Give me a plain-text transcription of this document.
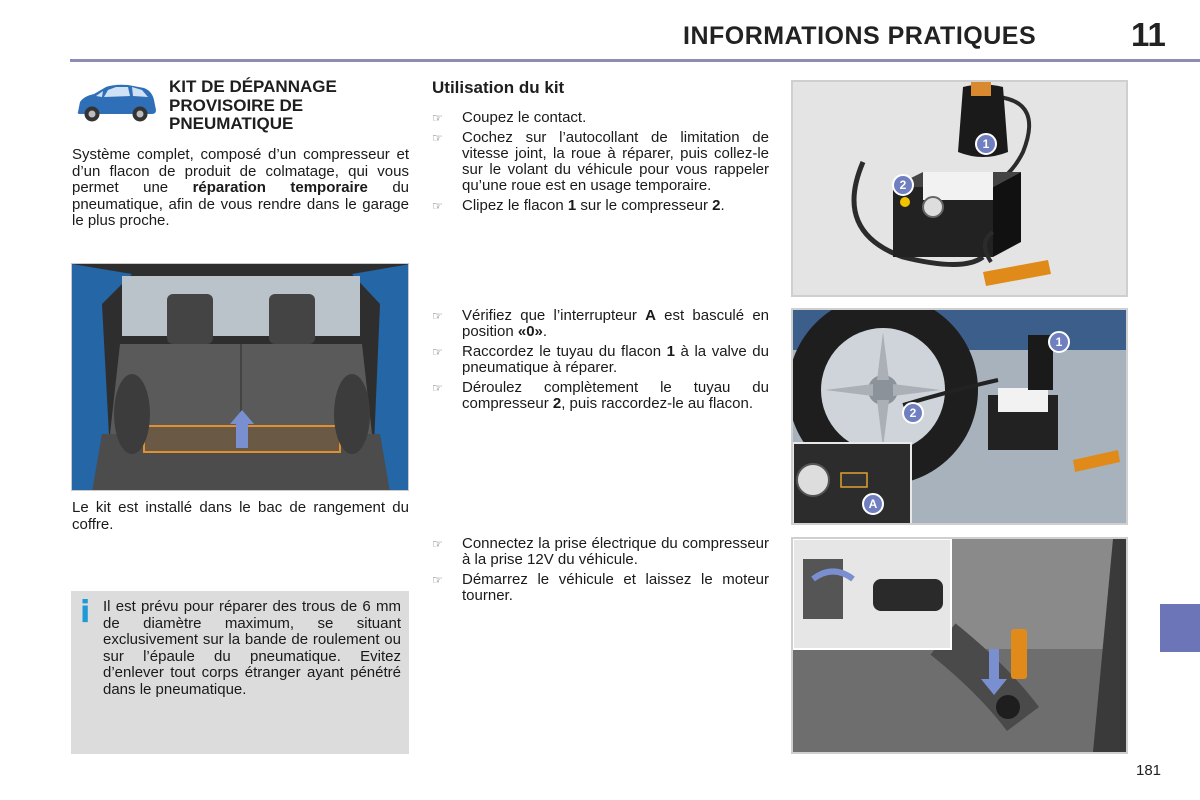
INFORMATIONS PRATIQUES	11
KIT DE DÉPANNAGE PROVISOIRE DE PNEUMATIQUE
Système complet, composé d’un compresseur et d’un flacon de produit de colmatage, qui vous permet une réparation temporaire du pneumatique, afin de vous rendre dans le garage le plus proche.
Le kit est installé dans le bac de rangement du coffre.
i Il est prévu pour réparer des trous de 6 mm de diamètre maximum, se situant exclusivement sur la bande de roulement ou sur l’épaule du pneumatique. Evitez d’enlever tout corps étranger ayant pénétré dans le pneumatique.
Utilisation du kit
☞ Coupez le contact.
☞ Cochez sur l’autocollant de limitation de vitesse joint, la roue à réparer, puis collez-le sur le volant du véhicule pour vous rappeler qu’une roue est en usage temporaire.
☞ Clipez le flacon 1 sur le compresseur 2.
☞ Vérifiez que l’interrupteur A est basculé en position «0».
☞ Raccordez le tuyau du flacon 1 à la valve du pneumatique à réparer.
☞ Déroulez complètement le tuyau du compresseur 2, puis raccordez-le au flacon.
☞ Connectez la prise électrique du compresseur à la prise 12V du véhicule.
☞ Démarrez le véhicule et laissez le moteur tourner.
1
2
1
2
A
181
